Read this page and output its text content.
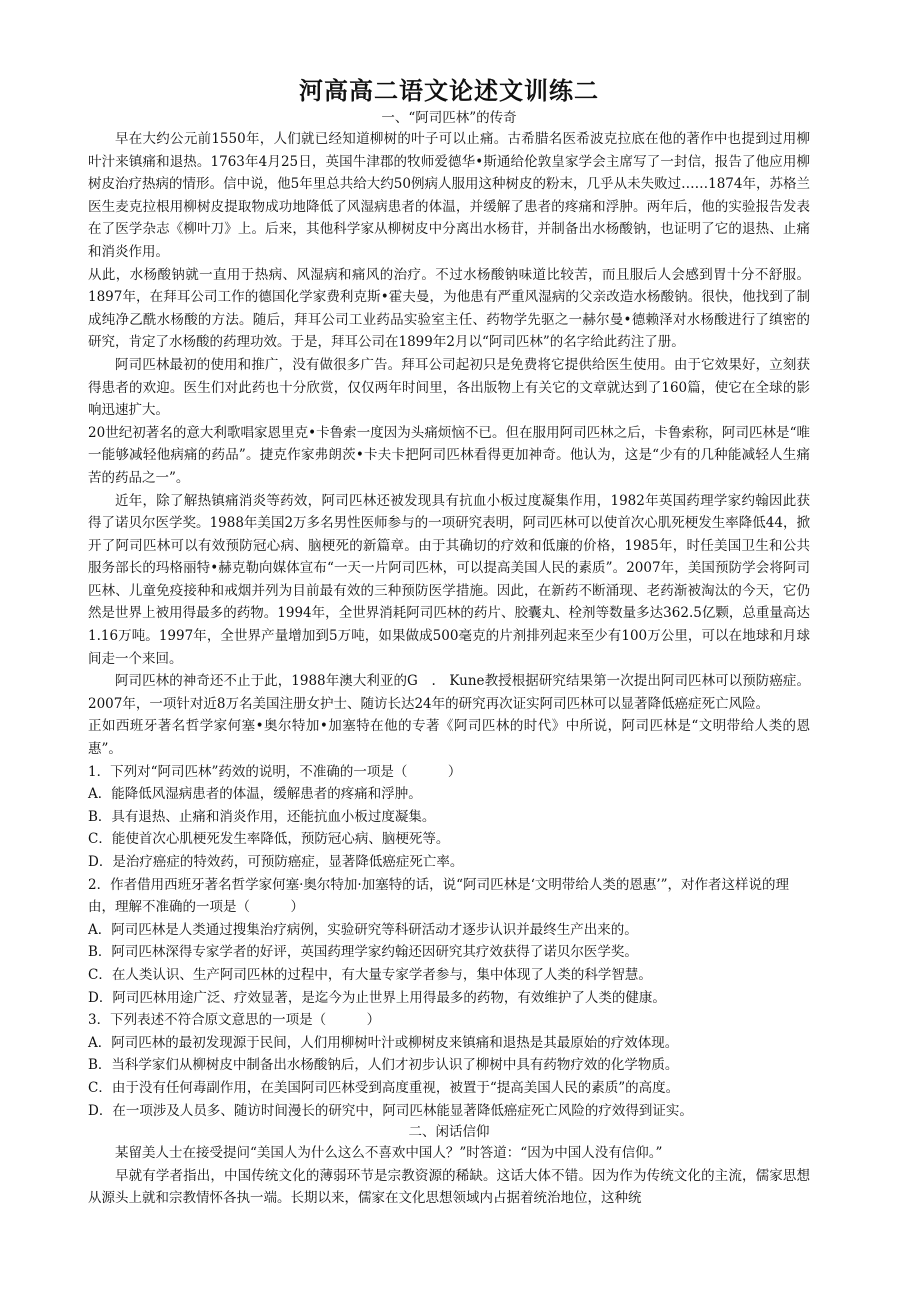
河高高二语文论述文训练二
一、“阿司匹林”的传奇

早在大约公元前1550年，人们就已经知道柳树的叶子可以止痛。古希腊名医希波克拉底在他的著作中也提到过用柳叶汁来镇痛和退热。1763年4月25日，英国牛津郡的牧师爱德华•斯通给伦敦皇家学会主席写了一封信，报告了他应用柳树皮治疗热病的情形。信中说，他5年里总共给大约50例病人服用这种树皮的粉末，几乎从未失败过……1874年，苏格兰医生麦克拉根用柳树皮提取物成功地降低了风湿病患者的体温，并缓解了患者的疼痛和浮肿。两年后，他的实验报告发表在了医学杂志《柳叶刀》上。后来，其他科学家从柳树皮中分离出水杨苷，并制备出水杨酸钠，也证明了它的退热、止痛和消炎作用。

从此，水杨酸钠就一直用于热病、风湿病和痛风的治疗。不过水杨酸钠味道比较苦，而且服后人会感到胃十分不舒服。1897年，在拜耳公司工作的德国化学家费利克斯•霍夫曼，为他患有严重风湿病的父亲改造水杨酸钠。很快，他找到了制成纯净乙酰水杨酸的方法。随后，拜耳公司工业药品实验室主任、药物学先驱之一赫尔曼•德赖泽对水杨酸进行了缜密的研究，肯定了水杨酸的药理功效。于是，拜耳公司在1899年2月以“阿司匹林”的名字给此药注了册。

阿司匹林最初的使用和推广，没有做很多广告。拜耳公司起初只是免费将它提供给医生使用。由于它效果好，立刻获得患者的欢迎。医生们对此药也十分欣赏，仅仅两年时间里，各出版物上有关它的文章就达到了160篇，使它在全球的影响迅速扩大。

20世纪初著名的意大利歌唱家恩里克•卡鲁索一度因为头痛烦恼不已。但在服用阿司匹林之后，卡鲁索称，阿司匹林是“唯一能够减轻他病痛的药品”。捷克作家弗朗茨•卡夫卡把阿司匹林看得更加神奇。他认为，这是“少有的几种能减轻人生痛苦的药品之一”。

近年，除了解热镇痛消炎等药效，阿司匹林还被发现具有抗血小板过度凝集作用，1982年英国药理学家约翰因此获得了诺贝尔医学奖。1988年美国2万多名男性医师参与的一项研究表明，阿司匹林可以使首次心肌死梗发生率降低44，掀开了阿司匹林可以有效预防冠心病、脑梗死的新篇章。由于其确切的疗效和低廉的价格，1985年，时任美国卫生和公共服务部长的玛格丽特•赫克勒向媒体宣布“一天一片阿司匹林，可以提高美国人民的素质”。2007年，美国预防学会将阿司匹林、儿童免疫接种和戒烟并列为目前最有效的三种预防医学措施。因此，在新药不断涌现、老药渐被淘汰的今天，它仍然是世界上被用得最多的药物。1994年，全世界消耗阿司匹林的药片、胶囊丸、栓剂等数量多达362.5亿颗，总重量高达1.16万吨。1997年，全世界产量增加到5万吨，如果做成500毫克的片剂排列起来至少有100万公里，可以在地球和月球间走一个来回。

阿司匹林的神奇还不止于此，1988年澳大利亚的G　.　Kune教授根据研究结果第一次提出阿司匹林可以预防癌症。2007年，一项针对近8万名美国注册女护士、随访长达24年的研究再次证实阿司匹林可以显著降低癌症死亡风险。

正如西班牙著名哲学家何塞•奥尔特加•加塞特在他的专著《阿司匹林的时代》中所说，阿司匹林是“文明带给人类的恩惠”。

1．下列对“阿司匹林”药效的说明，不准确的一项是（　　　）
A．能降低风湿病患者的体温，缓解患者的疼痛和浮肿。
B．具有退热、止痛和消炎作用，还能抗血小板过度凝集。
C．能使首次心肌梗死发生率降低，预防冠心病、脑梗死等。
D．是治疗癌症的特效药，可预防癌症，显著降低癌症死亡率。
2．作者借用西班牙著名哲学家何塞·奥尔特加·加塞特的话，说“阿司匹林是‘文明带给人类的恩惠’”，对作者这样说的理由，理解不准确的一项是（　　　）
A．阿司匹林是人类通过搜集治疗病例，实验研究等科研活动才逐步认识并最终生产出来的。
B．阿司匹林深得专家学者的好评，英国药理学家约翰还因研究其疗效获得了诺贝尔医学奖。
C．在人类认识、生产阿司匹林的过程中，有大量专家学者参与，集中体现了人类的科学智慧。
D．阿司匹林用途广泛、疗效显著，是迄今为止世界上用得最多的药物，有效维护了人类的健康。
3．下列表述不符合原文意思的一项是（　　　）
A．阿司匹林的最初发现源于民间，人们用柳树叶汁或柳树皮来镇痛和退热是其最原始的疗效体现。
B．当科学家们从柳树皮中制备出水杨酸钠后，人们才初步认识了柳树中具有药物疗效的化学物质。
C．由于没有任何毒副作用，在美国阿司匹林受到高度重视，被置于“提高美国人民的素质”的高度。
D．在一项涉及人员多、随访时间漫长的研究中，阿司匹林能显著降低癌症死亡风险的疗效得到证实。
二、闲话信仰

某留美人士在接受提问“美国人为什么这么不喜欢中国人？”时答道：“因为中国人没有信仰。”

早就有学者指出，中国传统文化的薄弱环节是宗教资源的稀缺。这话大体不错。因为作为传统文化的主流，儒家思想从源头上就和宗教情怀各执一端。长期以来，儒家在文化思想领域内占据着统治地位，这种统
